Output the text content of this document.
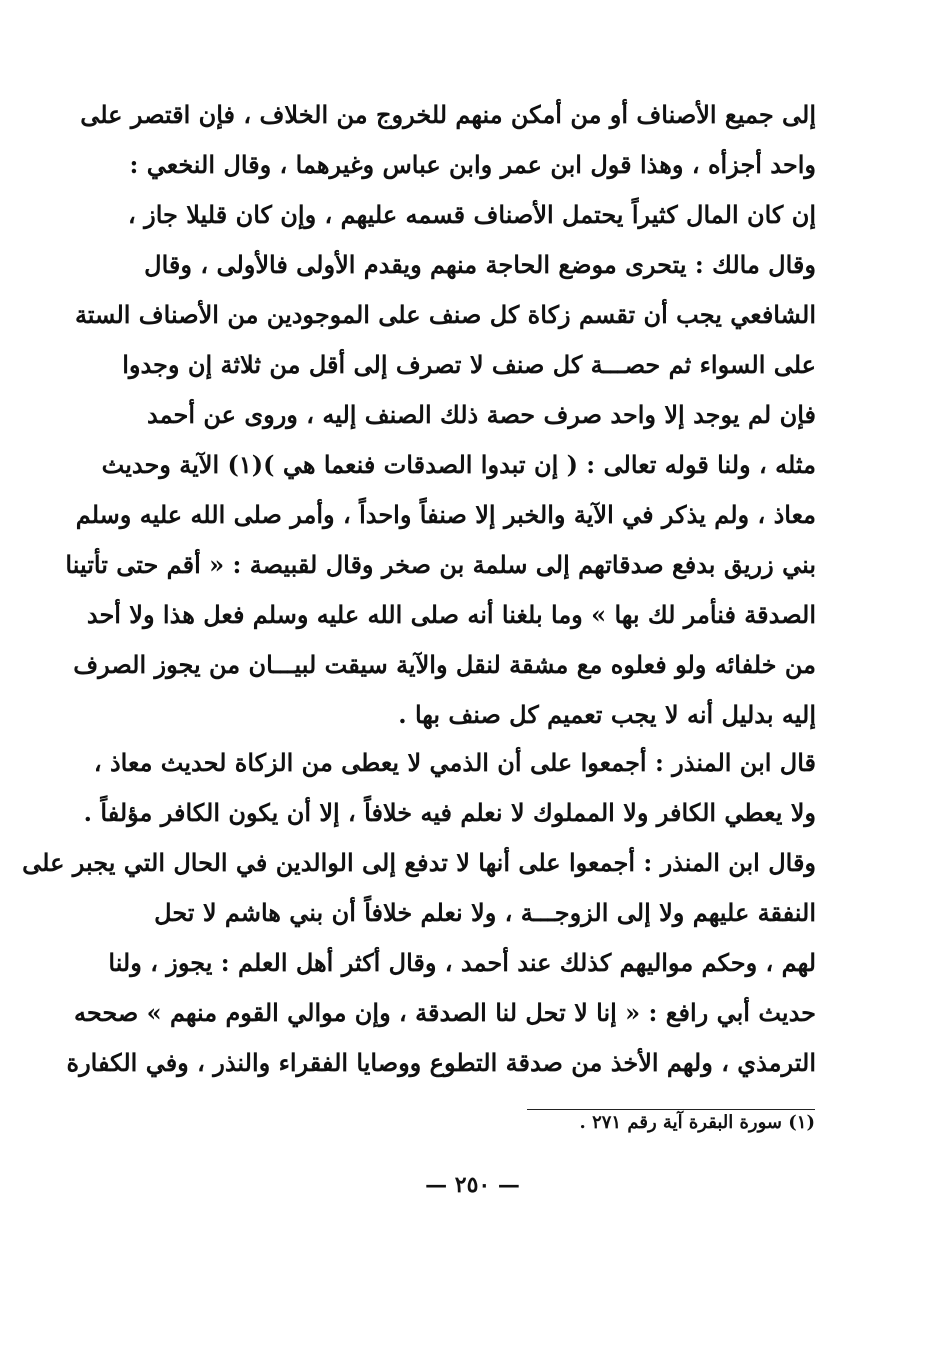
إلى جميع الأصناف أو من أمكن منهم للخروج من الخلاف ، فإن اقتصر على
واحد أجزأه ، وهذا قول ابن عمر وابن عباس وغيرهما ، وقال النخعي :
إن كان المال كثيراً يحتمل الأصناف قسمه عليهم ، وإن كان قليلا جاز ،
وقال مالك : يتحرى موضع الحاجة منهم ويقدم الأولى فالأولى ، وقال
الشافعي يجب أن تقسم زكاة كل صنف على الموجودين من الأصناف الستة
على السواء ثم حصـــة كل صنف لا تصرف إلى أقل من ثلاثة إن وجدوا
فإن لم يوجد إلا واحد صرف حصة ذلك الصنف إليه ، وروى عن أحمد
مثله ، ولنا قوله تعالى : ( إن تبدوا الصدقات فنعما هي )(١) الآية وحديث
معاذ ، ولم يذكر في الآية والخبر إلا صنفاً واحداً ، وأمر صلى الله عليه وسلم
بني زريق بدفع صدقاتهم إلى سلمة بن صخر وقال لقبيصة : « أقم حتى تأتينا
الصدقة فنأمر لك بها » وما بلغنا أنه صلى الله عليه وسلم فعل هذا ولا أحد
من خلفائه ولو فعلوه مع مشقة لنقل والآية سيقت لبيـــان من يجوز الصرف
إليه بدليل أنه لا يجب تعميم كل صنف بها .
قال ابن المنذر : أجمعوا على أن الذمي لا يعطى من الزكاة لحديث معاذ ،
ولا يعطي الكافر ولا المملوك لا نعلم فيه خلافاً ، إلا أن يكون الكافر مؤلفاً .
وقال ابن المنذر : أجمعوا على أنها لا تدفع إلى الوالدين في الحال التي يجبر على
النفقة عليهم ولا إلى الزوجـــة ، ولا نعلم خلافاً أن بني هاشم لا تحل
لهم ، وحكم مواليهم كذلك عند أحمد ، وقال أكثر أهل العلم : يجوز ، ولنا
حديث أبي رافع : « إنا لا تحل لنا الصدقة ، وإن موالي القوم منهم » صححه
الترمذي ، ولهم الأخذ من صدقة التطوع ووصايا الفقراء والنذر ، وفي الكفارة
(١) سورة البقرة آية رقم ٢٧١ .
— ٢٥٠ —
